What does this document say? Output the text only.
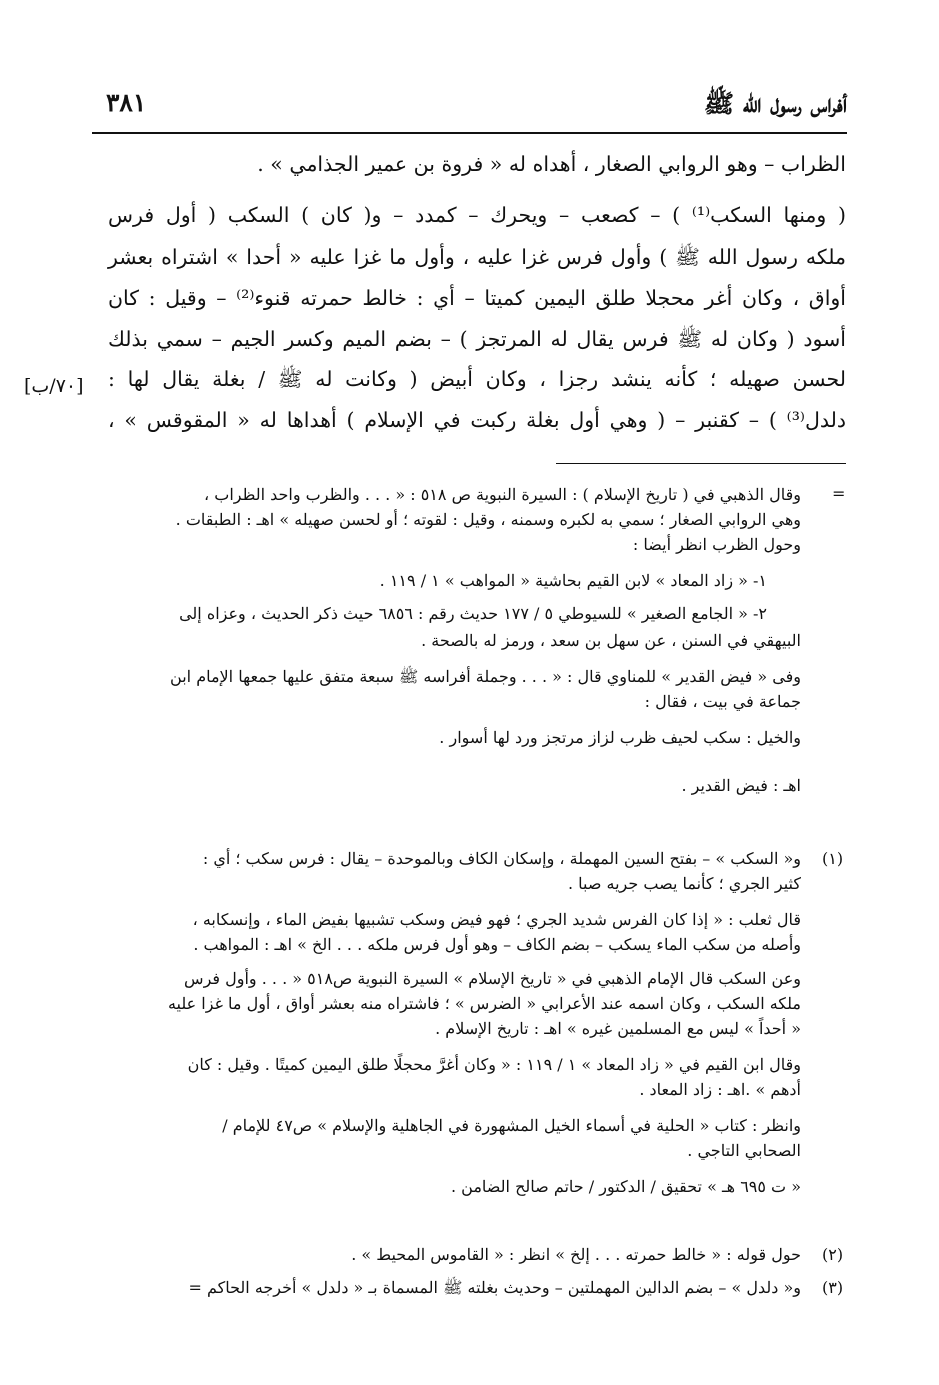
أفراس رسول الله ﷺ
٣٨١
الظراب – وهو الروابي الصغار ، أهداه له « فروة بن عمير الجذامي » .
( ومنها السكب⁽¹⁾ ) – كصعب – ويحرك – كمدد – و( كان ) السكب ( أول فرس
ملكه رسول الله ﷺ ) وأول فرس غزا عليه ، وأول ما غزا عليه « أحدا » اشتراه بعشر
أواق ، وكان أغر محجلا طلق اليمين كميتا – أي : خالط حمرته قنوء⁽²⁾ – وقيل : كان
أسود ( وكان له ﷺ فرس يقال له المرتجز ) – بضم الميم وكسر الجيم – سمي بذلك
لحسن صهيله ؛ كأنه ينشد رجزا ، وكان أبيض ( وكانت له ﷺ / بغلة يقال لها :
دلدل⁽³⁾ ) – كقنبر – ( وهي أول بغلة ركبت في الإسلام ) أهداها له « المقوقس » ،
[٧٠/ب]
=
وقال الذهبي في ( تاريخ الإسلام ) : السيرة النبوية ص ٥١٨ : « . . . والظرب واحد الظراب ،
وهي الروابي الصغار ؛ سمي به لكبره وسمنه ، وقيل : لقوته ؛ أو لحسن صهيله » اهـ : الطبقات .
وحول الظرب انظر أيضا :
١- « زاد المعاد » لابن القيم بحاشية « المواهب » ١ / ١١٩ .
٢- « الجامع الصغير » للسيوطي ٥ / ١٧٧ حديث رقم : ٦٨٥٦ حيث ذكر الحديث ، وعزاه إلى
البيهقي في السنن ، عن سهل بن سعد ، ورمز له بالصحة .
وفى « فيض القدير » للمناوي قال : « . . . وجملة أفراسه ﷺ سبعة متفق عليها جمعها الإمام ابن
جماعة في بيت ، فقال :
والخيل : سكب لحيف ظرب لزاز مرتجز ورد لها أسوار .
اهـ : فيض القدير .
(١)
و« السكب » – بفتح السين المهملة ، وإسكان الكاف وبالموحدة – يقال : فرس سكب ؛ أي :
كثير الجري ؛ كأنما يصب جريه صبا .
قال ثعلب : « إذا كان الفرس شديد الجري ؛ فهو فيض وسكب تشبيها بفيض الماء ، وإنسكابه ،
وأصله من سكب الماء يسكب – بضم الكاف – وهو أول فرس ملكه . . . الخ » اهـ : المواهب .
وعن السكب قال الإمام الذهبي في « تاريخ الإسلام » السيرة النبوية ص٥١٨ « . . . وأول فرس
ملكه السكب ، وكان اسمه عند الأعرابي « الضرس » ؛ فاشتراه منه بعشر أواق ، أول ما غزا عليه
« أحداً » ليس مع المسلمين غيره » اهـ : تاريخ الإسلام .
وقال ابن القيم في « زاد المعاد » ١ / ١١٩ : « وكان أغرَّ محجلًا طلق اليمين كميتًا . وقيل : كان
أدهم » .اهـ : زاد المعاد .
وانظر : كتاب « الحلية في أسماء الخيل المشهورة في الجاهلية والإسلام » ص٤٧ للإمام /
الصحابي التاجي .
« ت ٦٩٥ هـ » تحقيق / الدكتور / حاتم صالح الضامن .
(٢)
حول قوله : « خالط حمرته . . . إلخ » انظر : « القاموس المحيط » .
(٣)
و« دلدل » – بضم الدالين المهملتين – وحديث بغلته ﷺ المسماة بـ « دلدل » أخرجه الحاكم =
